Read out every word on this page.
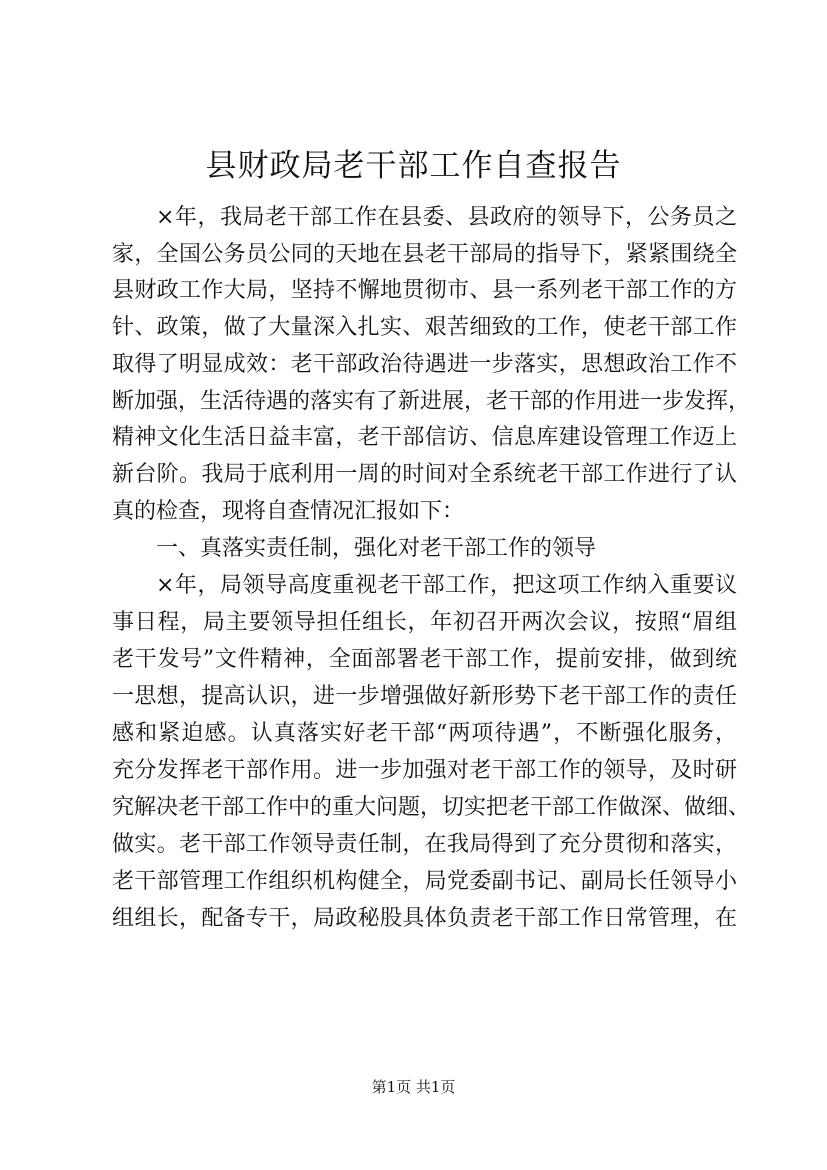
县财政局老干部工作自查报告
×年，我局老干部工作在县委、县政府的领导下，公务员之
家，全国公务员公同的天地在县老干部局的指导下，紧紧围绕全
县财政工作大局，坚持不懈地贯彻市、县一系列老干部工作的方
针、政策，做了大量深入扎实、艰苦细致的工作，使老干部工作
取得了明显成效：老干部政治待遇进一步落实，思想政治工作不
断加强，生活待遇的落实有了新进展，老干部的作用进一步发挥，
精神文化生活日益丰富，老干部信访、信息库建设管理工作迈上
新台阶。我局于底利用一周的时间对全系统老干部工作进行了认
真的检查，现将自查情况汇报如下：
一、真落实责任制，强化对老干部工作的领导
×年，局领导高度重视老干部工作，把这项工作纳入重要议
事日程，局主要领导担任组长，年初召开两次会议，按照“眉组
老干发号”文件精神，全面部署老干部工作，提前安排，做到统
一思想，提高认识，进一步增强做好新形势下老干部工作的责任
感和紧迫感。认真落实好老干部“两项待遇”，不断强化服务，
充分发挥老干部作用。进一步加强对老干部工作的领导，及时研
究解决老干部工作中的重大问题，切实把老干部工作做深、做细、
做实。老干部工作领导责任制，在我局得到了充分贯彻和落实，
老干部管理工作组织机构健全，局党委副书记、副局长任领导小
组组长，配备专干，局政秘股具体负责老干部工作日常管理，在
第1页 共1页
